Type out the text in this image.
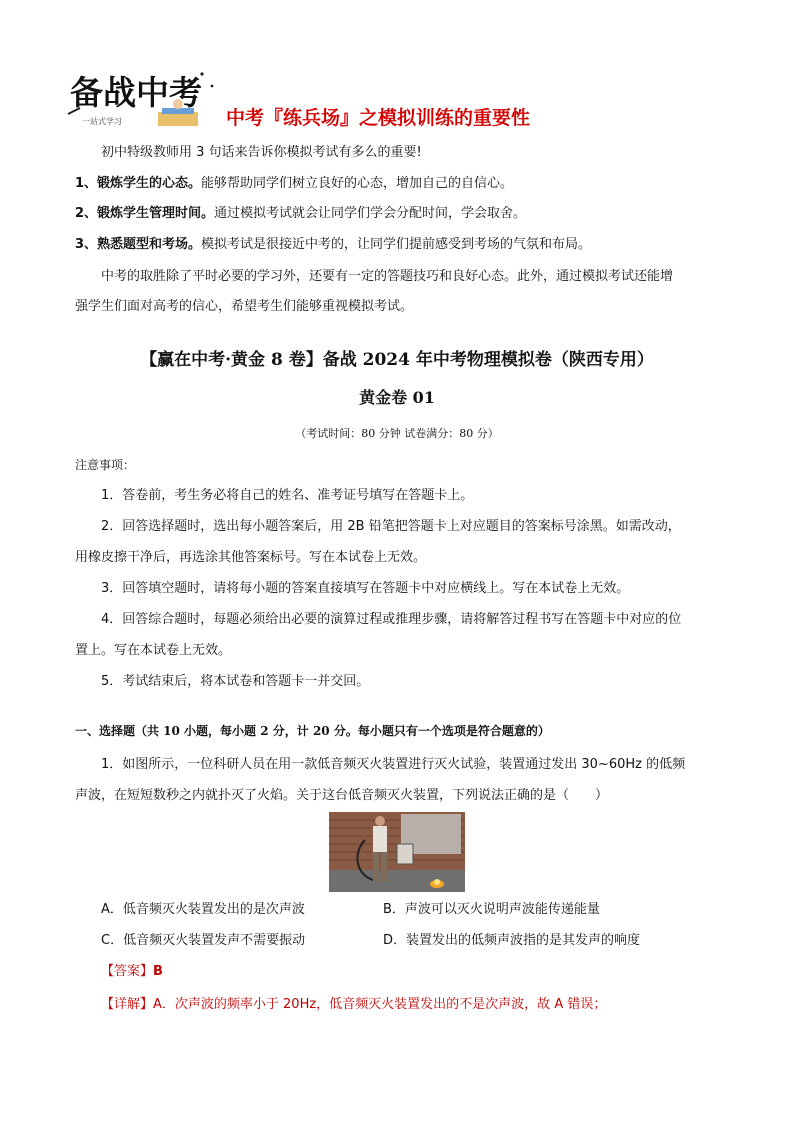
备战中考
一站式学习	中考『练兵场』之模拟训练的重要性
初中特级教师用 3 句话来告诉你模拟考试有多么的重要!
1、锻炼学生的心态。能够帮助同学们树立良好的心态，增加自己的自信心。
2、锻炼学生管理时间。通过模拟考试就会让同学们学会分配时间，学会取舍。
3、熟悉题型和考场。模拟考试是很接近中考的，让同学们提前感受到考场的气氛和布局。
中考的取胜除了平时必要的学习外，还要有一定的答题技巧和良好心态。此外，通过模拟考试还能增
强学生们面对高考的信心，希望考生们能够重视模拟考试。
【赢在中考·黄金 8 卷】备战 2024 年中考物理模拟卷（陕西专用）
黄金卷 01
（考试时间：80 分钟 试卷满分：80 分）
注意事项：
1．答卷前，考生务必将自己的姓名、准考证号填写在答题卡上。
2．回答选择题时，选出每小题答案后，用 2B 铅笔把答题卡上对应题目的答案标号涂黑。如需改动，
用橡皮擦干净后，再选涂其他答案标号。写在本试卷上无效。
3．回答填空题时，请将每小题的答案直接填写在答题卡中对应横线上。写在本试卷上无效。
4．回答综合题时，每题必须给出必要的演算过程或推理步骤，请将解答过程书写在答题卡中对应的位
置上。写在本试卷上无效。
5．考试结束后，将本试卷和答题卡一并交回。
一、选择题（共 10 小题，每小题 2 分，计 20 分。每小题只有一个选项是符合题意的）
1．如图所示，一位科研人员在用一款低音频灭火装置进行灭火试验，装置通过发出 30~60Hz 的低频
声波，在短短数秒之内就扑灭了火焰。关于这台低音频灭火装置，下列说法正确的是（　　）
A．低音频灭火装置发出的是次声波	B．声波可以灭火说明声波能传递能量
C．低音频灭火装置发声不需要振动	D．装置发出的低频声波指的是其发声的响度
【答案】B
【详解】A．次声波的频率小于 20Hz，低音频灭火装置发出的不是次声波，故 A 错误；
